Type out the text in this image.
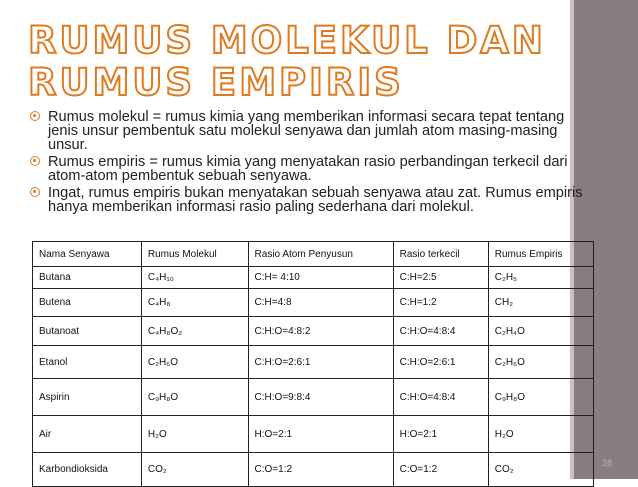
RUMUS MOLEKUL DAN
RUMUS EMPIRIS
Rumus molekul = rumus kimia yang memberikan informasi secara tepat tentang jenis unsur pembentuk satu molekul senyawa dan jumlah atom masing-masing unsur.
Rumus empiris = rumus kimia yang menyatakan rasio perbandingan terkecil dari atom-atom pembentuk sebuah senyawa.
Ingat, rumus empiris bukan menyatakan sebuah senyawa atau zat. Rumus empiris hanya memberikan informasi rasio paling sederhana dari molekul.
Nama Senyawa	Rumus Molekul	Rasio Atom Penyusun	Rasio terkecil	Rumus Empiris
Butana	C₄H₁₀	C:H= 4:10	C:H=2:5	C₂H₅
Butena	C₄H₈	C:H=4:8	C:H=1:2	CH₂
Butanoat	C₄H₈O₂	C:H:O=4:8:2	C:H:O=4:8:4	C₂H₄O
Etanol	C₂H₆O	C:H:O=2:6:1	C:H:O=2:6:1	C₂H₆O
Aspirin	C₉H₈O	C:H:O=9:8:4	C:H:O=4:8:4	C₉H₈O
Air	H₂O	H:O=2:1	H:O=2:1	H₂O
Karbondioksida	CO₂	C:O=1:2	C:O=1:2	CO₂
28
